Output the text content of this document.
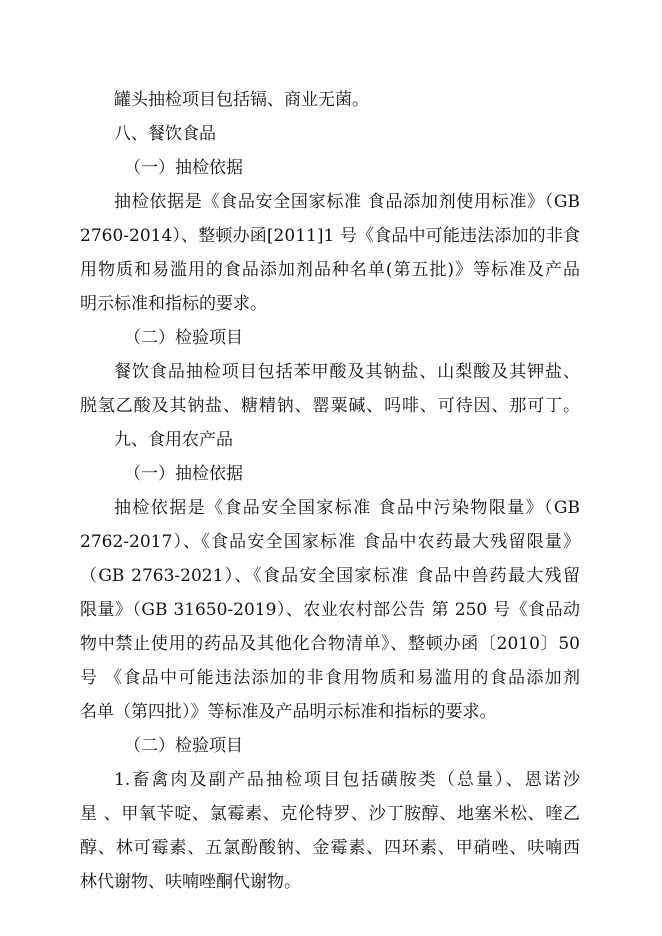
罐头抽检项目包括镉、商业无菌。
八、餐饮食品
（一）抽检依据
抽检依据是《食品安全国家标准 食品添加剂使用标准》（GB
2760-2014）、整顿办函[2011]1 号《食品中可能违法添加的非食
用物质和易滥用的食品添加剂品种名单(第五批)》等标准及产品
明示标准和指标的要求。
（二）检验项目
餐饮食品抽检项目包括苯甲酸及其钠盐、山梨酸及其钾盐、
脱氢乙酸及其钠盐、糖精钠、罂粟碱、吗啡、可待因、那可丁。
九、食用农产品
（一）抽检依据
抽检依据是《食品安全国家标准 食品中污染物限量》（GB
2762-2017）、《食品安全国家标准 食品中农药最大残留限量》
（GB 2763-2021）、《食品安全国家标准 食品中兽药最大残留
限量》（GB 31650-2019）、农业农村部公告 第 250 号《食品动
物中禁止使用的药品及其他化合物清单》、整顿办函〔2010〕50
号 《食品中可能违法添加的非食用物质和易滥用的食品添加剂
名单（第四批）》等标准及产品明示标准和指标的要求。
（二）检验项目
1.畜禽肉及副产品抽检项目包括磺胺类（总量）、恩诺沙
星 、甲氧苄啶、氯霉素、克伦特罗、沙丁胺醇、地塞米松、喹乙
醇、林可霉素、五氯酚酸钠、金霉素、四环素、甲硝唑、呋喃西
林代谢物、呋喃唑酮代谢物。
